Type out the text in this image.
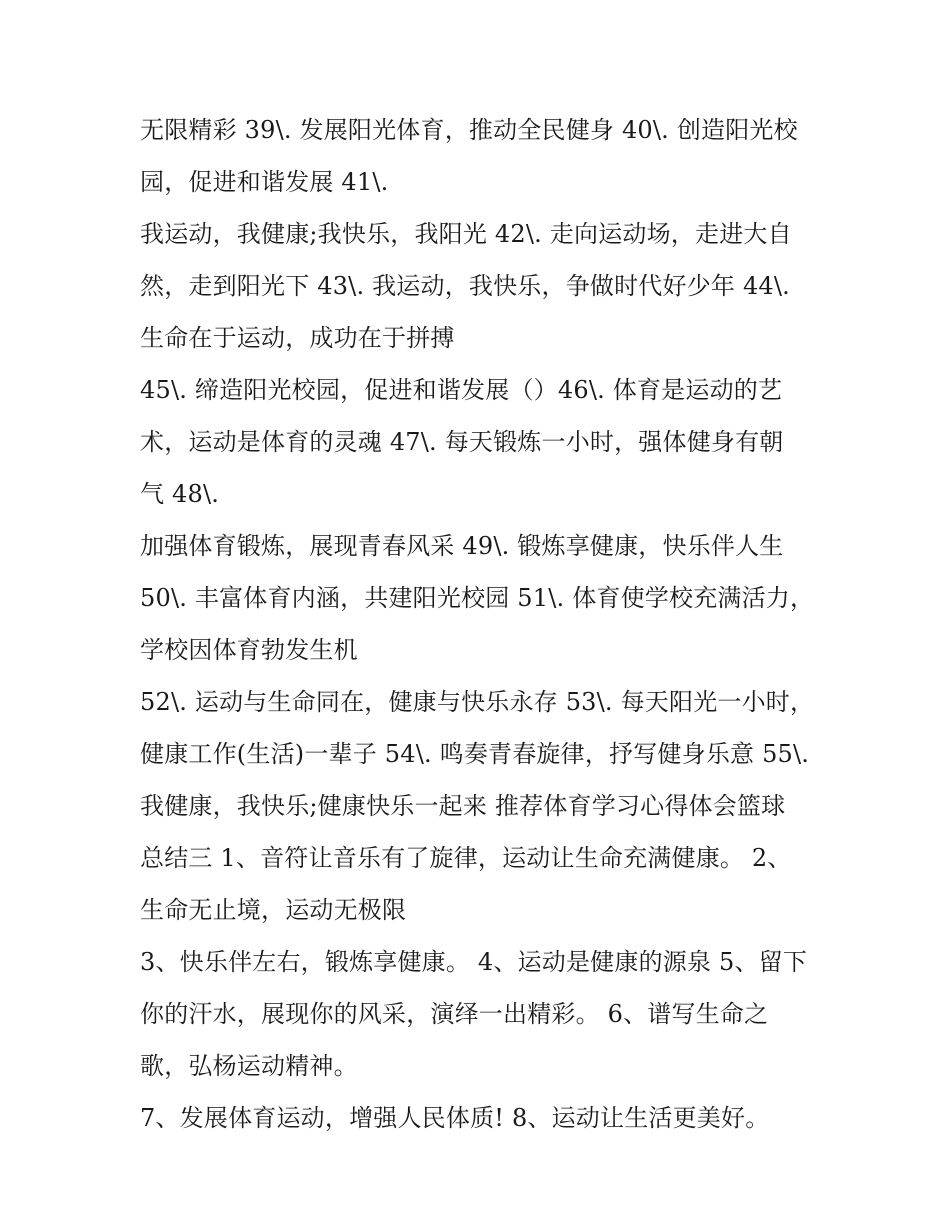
无限精彩 39\. 发展阳光体育，推动全民健身 40\. 创造阳光校
园，促进和谐发展 41\.
我运动，我健康;我快乐，我阳光 42\. 走向运动场，走进大自
然，走到阳光下 43\. 我运动，我快乐，争做时代好少年 44\.
生命在于运动，成功在于拼搏
45\. 缔造阳光校园，促进和谐发展（）46\. 体育是运动的艺
术，运动是体育的灵魂 47\. 每天锻炼一小时，强体健身有朝
气 48\.
加强体育锻炼，展现青春风采 49\. 锻炼享健康，快乐伴人生
50\. 丰富体育内涵，共建阳光校园 51\. 体育使学校充满活力，
学校因体育勃发生机
52\. 运动与生命同在，健康与快乐永存 53\. 每天阳光一小时，
健康工作(生活)一辈子 54\. 鸣奏青春旋律，抒写健身乐意 55\.
我健康，我快乐;健康快乐一起来 推荐体育学习心得体会篮球
总结三 1、音符让音乐有了旋律，运动让生命充满健康。 2、
生命无止境，运动无极限
3、快乐伴左右，锻炼享健康。 4、运动是健康的源泉 5、留下
你的汗水，展现你的风采，演绎一出精彩。 6、谱写生命之
歌，弘杨运动精神。
7、发展体育运动，增强人民体质! 8、运动让生活更美好。
